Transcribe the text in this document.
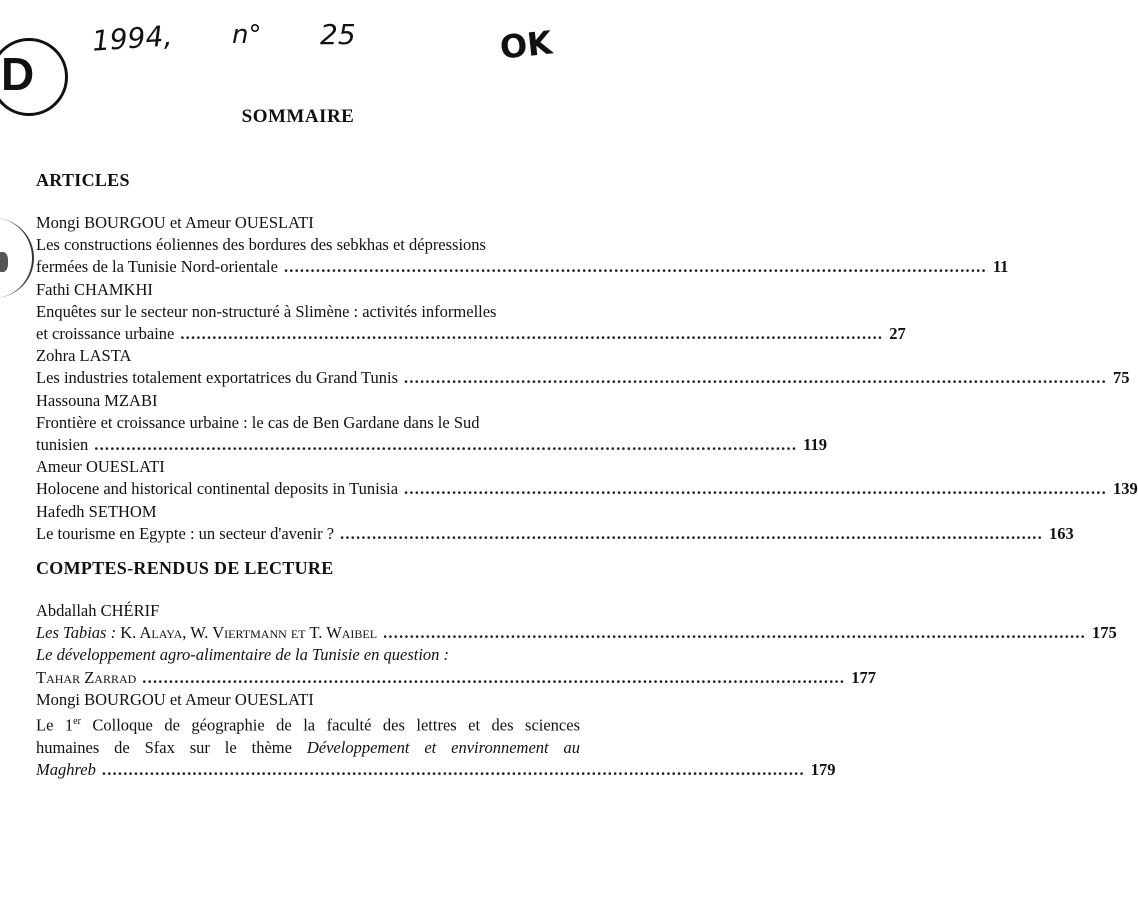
D
1994, n° 25	OK
SOMMAIRE
ARTICLES
Mongi BOURGOU et Ameur OUESLATI
Les constructions éoliennes des bordures des sebkhas et dépressions
fermées de la Tunisie Nord-orientale .................................................................................................................................... 11
Fathi CHAMKHI
Enquêtes sur le secteur non-structuré à Slimène : activités informelles
et croissance urbaine .................................................................................................................................... 27
Zohra LASTA
Les industries totalement exportatrices du Grand Tunis .................................................................................................................................... 75
Hassouna MZABI
Frontière et croissance urbaine : le cas de Ben Gardane dans le Sud
tunisien .................................................................................................................................... 119
Ameur OUESLATI
Holocene and historical continental deposits in Tunisia .................................................................................................................................... 139
Hafedh SETHOM
Le tourisme en Egypte : un secteur d'avenir ? .................................................................................................................................... 163
COMPTES-RENDUS DE LECTURE
Abdallah CHÉRIF
Les Tabias : K. Alaya, W. Viertmann et T. Waibel .................................................................................................................................... 175
Le développement agro-alimentaire de la Tunisie en question :
Tahar Zarrad .................................................................................................................................... 177
Mongi BOURGOU et Ameur OUESLATI
Le 1er Colloque de géographie de la faculté des lettres et des sciences
humaines de Sfax sur le thème Développement et environnement au
Maghreb .................................................................................................................................... 179
